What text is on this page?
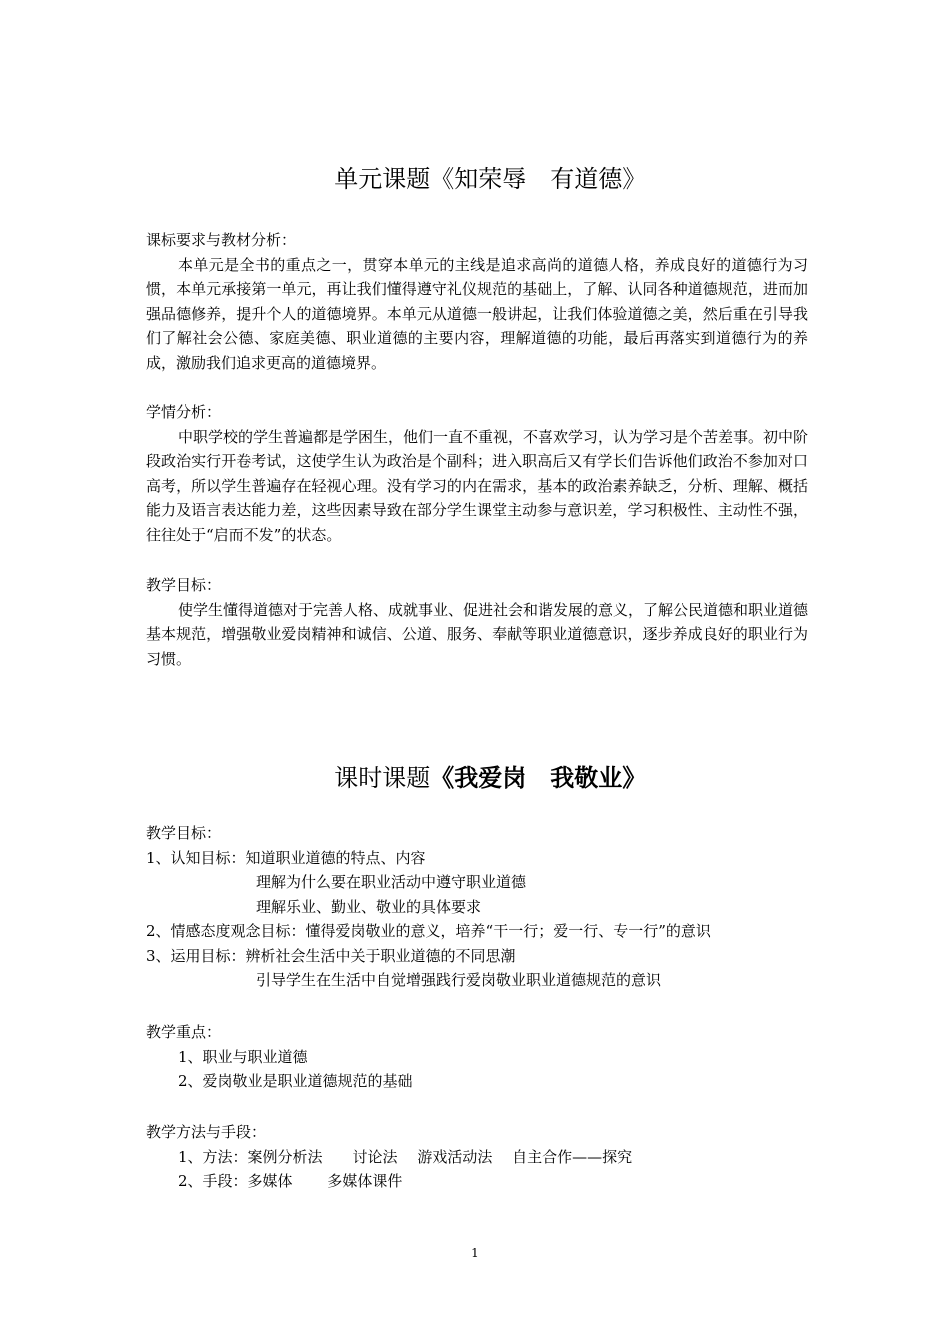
单元课题《知荣辱　有道德》

课标要求与教材分析：

本单元是全书的重点之一，贯穿本单元的主线是追求高尚的道德人格，养成良好的道德行为习惯，本单元承接第一单元，再让我们懂得遵守礼仪规范的基础上，了解、认同各种道德规范，进而加强品德修养，提升个人的道德境界。本单元从道德一般讲起，让我们体验道德之美，然后重在引导我们了解社会公德、家庭美德、职业道德的主要内容，理解道德的功能，最后再落实到道德行为的养成，激励我们追求更高的道德境界。

学情分析：

中职学校的学生普遍都是学困生，他们一直不重视，不喜欢学习，认为学习是个苦差事。初中阶段政治实行开卷考试，这使学生认为政治是个副科；进入职高后又有学长们告诉他们政治不参加对口高考，所以学生普遍存在轻视心理。没有学习的内在需求，基本的政治素养缺乏，分析、理解、概括能力及语言表达能力差，这些因素导致在部分学生课堂主动参与意识差，学习积极性、主动性不强，往往处于“启而不发”的状态。

教学目标：

使学生懂得道德对于完善人格、成就事业、促进社会和谐发展的意义，了解公民道德和职业道德基本规范，增强敬业爱岗精神和诚信、公道、服务、奉献等职业道德意识，逐步养成良好的职业行为习惯。

课时课题《我爱岗　我敬业》

教学目标：

1、认知目标：知道职业道德的特点、内容

理解为什么要在职业活动中遵守职业道德

理解乐业、勤业、敬业的具体要求

2、情感态度观念目标：懂得爱岗敬业的意义，培养“干一行；爱一行、专一行”的意识

3、运用目标：辨析社会生活中关于职业道德的不同思潮

引导学生在生活中自觉增强践行爱岗敬业职业道德规范的意识

教学重点：

1、职业与职业道德

2、爱岗敬业是职业道德规范的基础

教学方法与手段：

1、方法：案例分析法　　讨论法　 游戏活动法　 自主合作——探究

2、手段：多媒体　　 多媒体课件

1
